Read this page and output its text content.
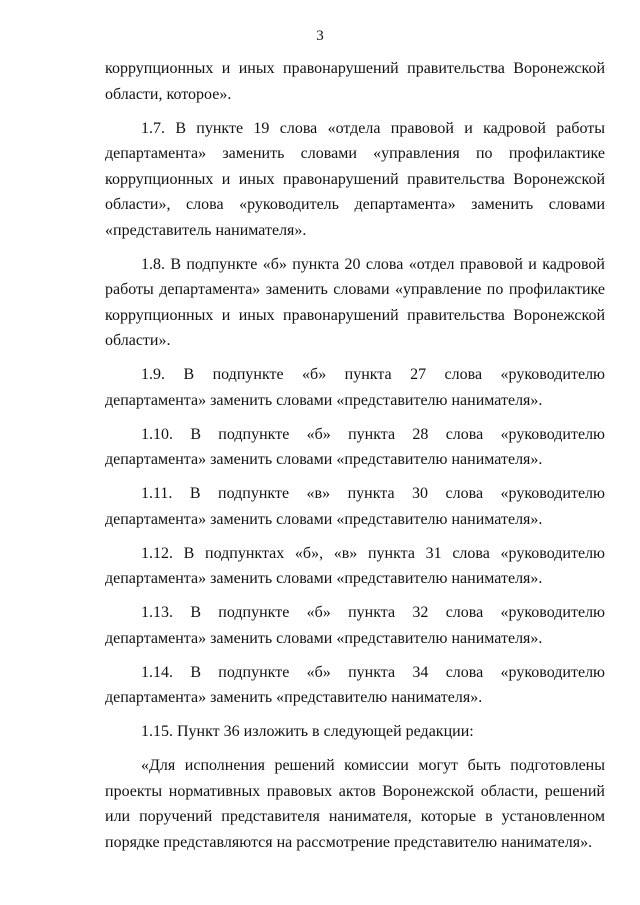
3

коррупционных и иных правонарушений правительства Воронежской области, которое».

1.7. В пункте 19 слова «отдела правовой и кадровой работы департамента» заменить словами «управления по профилактике коррупционных и иных правонарушений правительства Воронежской области», слова «руководитель департамента» заменить словами «представитель нанимателя».

1.8. В подпункте «б» пункта 20 слова «отдел правовой и кадровой работы департамента» заменить словами «управление по профилактике коррупционных и иных правонарушений правительства Воронежской области».

1.9. В подпункте «б» пункта 27 слова «руководителю департамента» заменить словами «представителю нанимателя».

1.10. В подпункте «б» пункта 28 слова «руководителю департамента» заменить словами «представителю нанимателя».

1.11. В подпункте «в» пункта 30 слова «руководителю департамента» заменить словами «представителю нанимателя».

1.12. В подпунктах «б», «в» пункта 31 слова «руководителю департамента» заменить словами «представителю нанимателя».

1.13. В подпункте «б» пункта 32 слова «руководителю департамента» заменить словами «представителю нанимателя».

1.14. В подпункте «б» пункта 34 слова «руководителю департамента» заменить «представителю нанимателя».

1.15. Пункт 36 изложить в следующей редакции:

«Для исполнения решений комиссии могут быть подготовлены проекты нормативных правовых актов Воронежской области, решений или поручений представителя нанимателя, которые в установленном порядке представляются на рассмотрение представителю нанимателя».
